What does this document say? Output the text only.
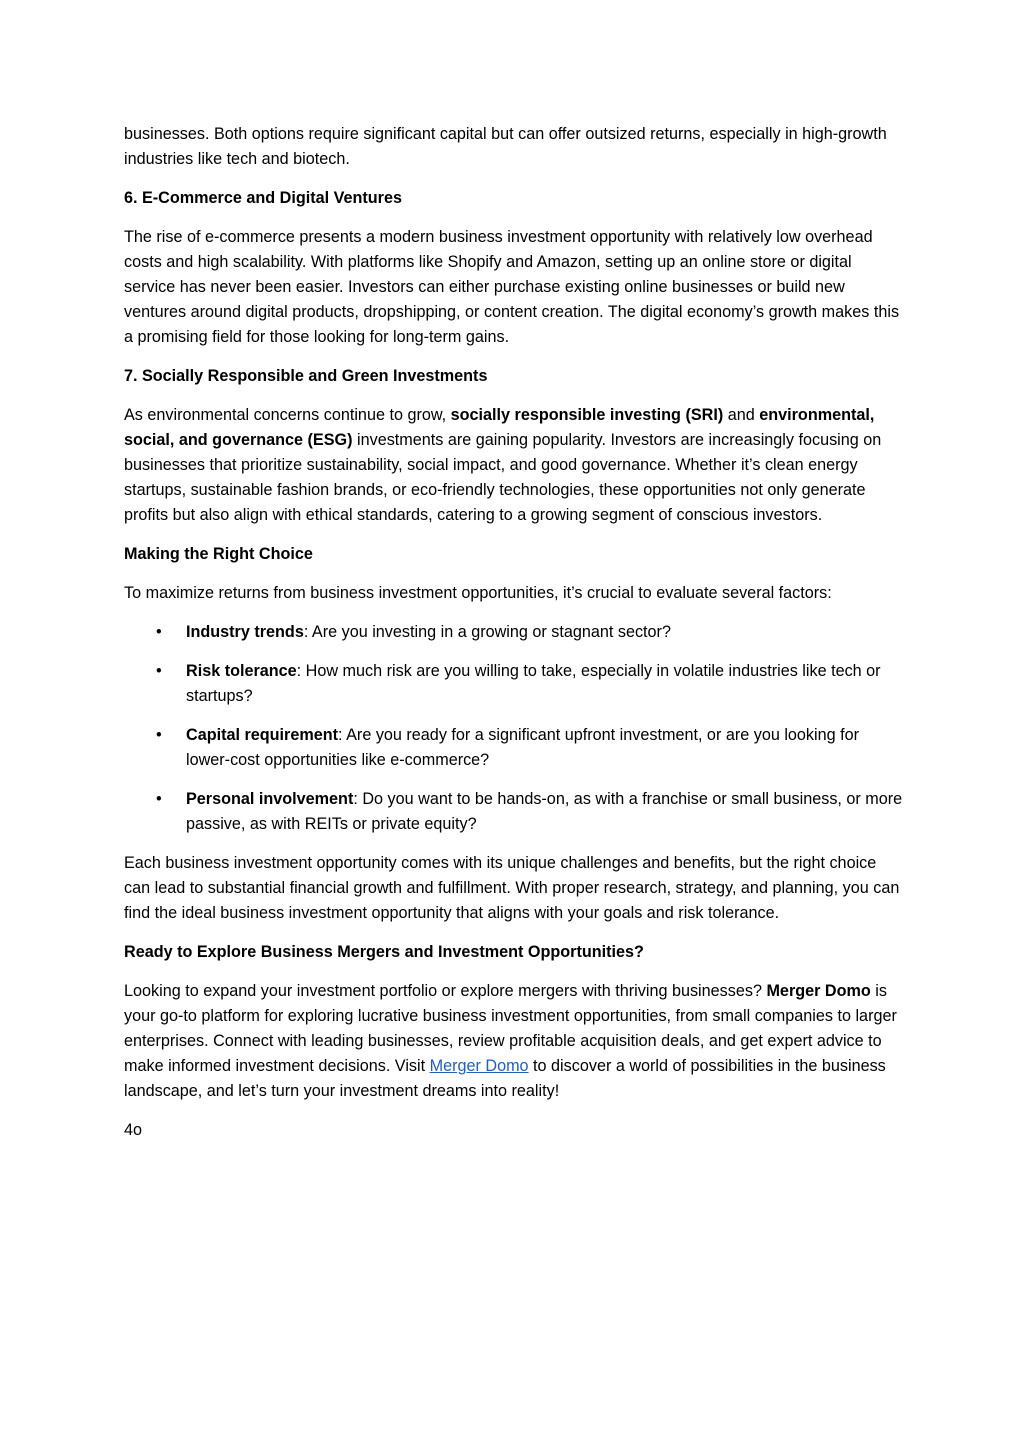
businesses. Both options require significant capital but can offer outsized returns, especially in high-growth industries like tech and biotech.

6. E-Commerce and Digital Ventures

The rise of e-commerce presents a modern business investment opportunity with relatively low overhead costs and high scalability. With platforms like Shopify and Amazon, setting up an online store or digital service has never been easier. Investors can either purchase existing online businesses or build new ventures around digital products, dropshipping, or content creation. The digital economy’s growth makes this a promising field for those looking for long-term gains.

7. Socially Responsible and Green Investments

As environmental concerns continue to grow, socially responsible investing (SRI) and environmental, social, and governance (ESG) investments are gaining popularity. Investors are increasingly focusing on businesses that prioritize sustainability, social impact, and good governance. Whether it’s clean energy startups, sustainable fashion brands, or eco-friendly technologies, these opportunities not only generate profits but also align with ethical standards, catering to a growing segment of conscious investors.

Making the Right Choice

To maximize returns from business investment opportunities, it’s crucial to evaluate several factors:

• Industry trends: Are you investing in a growing or stagnant sector?
• Risk tolerance: How much risk are you willing to take, especially in volatile industries like tech or startups?
• Capital requirement: Are you ready for a significant upfront investment, or are you looking for lower-cost opportunities like e-commerce?
• Personal involvement: Do you want to be hands-on, as with a franchise or small business, or more passive, as with REITs or private equity?

Each business investment opportunity comes with its unique challenges and benefits, but the right choice can lead to substantial financial growth and fulfillment. With proper research, strategy, and planning, you can find the ideal business investment opportunity that aligns with your goals and risk tolerance.

Ready to Explore Business Mergers and Investment Opportunities?

Looking to expand your investment portfolio or explore mergers with thriving businesses? Merger Domo is your go-to platform for exploring lucrative business investment opportunities, from small companies to larger enterprises. Connect with leading businesses, review profitable acquisition deals, and get expert advice to make informed investment decisions. Visit Merger Domo to discover a world of possibilities in the business landscape, and let’s turn your investment dreams into reality!

4o
